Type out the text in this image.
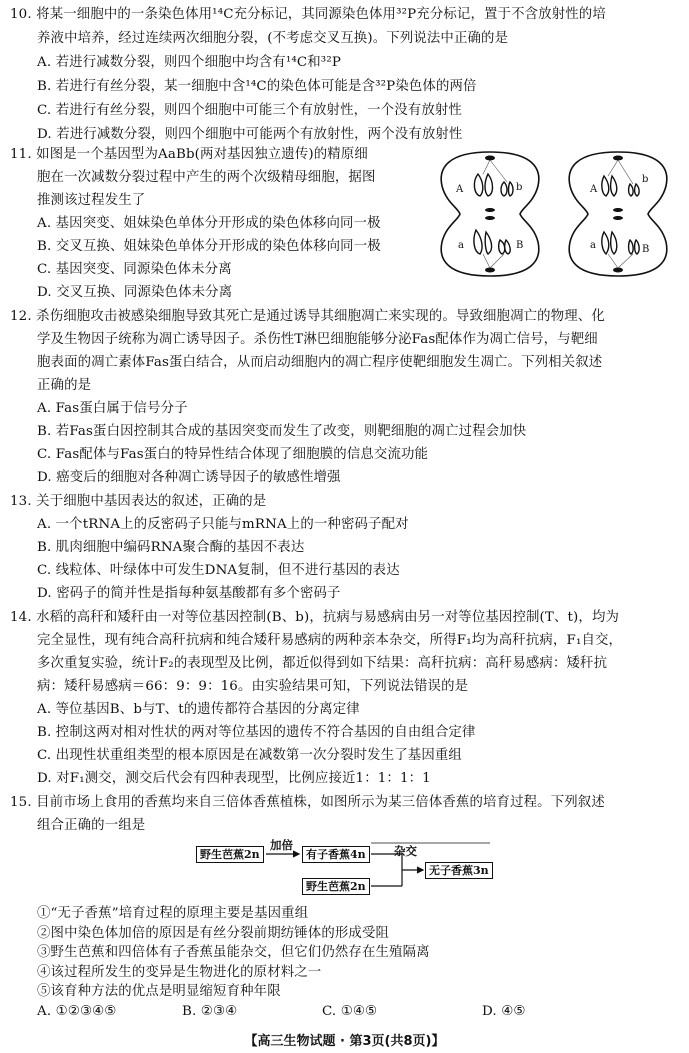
10. 将某一细胞中的一条染色体用¹⁴C充分标记，其同源染色体用³²P充分标记，置于不含放射性的培
养液中培养，经过连续两次细胞分裂，(不考虑交叉互换)。下列说法中正确的是
A. 若进行减数分裂，则四个细胞中均含有¹⁴C和³²P
B. 若进行有丝分裂，某一细胞中含¹⁴C的染色体可能是含³²P染色体的两倍
C. 若进行有丝分裂，则四个细胞中可能三个有放射性，一个没有放射性
D. 若进行减数分裂，则四个细胞中可能两个有放射性，两个没有放射性
11. 如图是一个基因型为AaBb(两对基因独立遗传)的精原细
胞在一次减数分裂过程中产生的两个次级精母细胞，据图
推测该过程发生了
A. 基因突变、姐妹染色单体分开形成的染色体移向同一极
B. 交叉互换、姐妹染色单体分开形成的染色体移向同一极
C. 基因突变、同源染色体未分离
D. 交叉互换、同源染色体未分离
A	b
a	B
A
b
a	B
12. 杀伤细胞攻击被感染细胞导致其死亡是通过诱导其细胞凋亡来实现的。导致细胞凋亡的物理、化
学及生物因子统称为凋亡诱导因子。杀伤性T淋巴细胞能够分泌Fas配体作为凋亡信号，与靶细
胞表面的凋亡素体Fas蛋白结合，从而启动细胞内的凋亡程序使靶细胞发生凋亡。下列相关叙述
正确的是
A. Fas蛋白属于信号分子
B. 若Fas蛋白因控制其合成的基因突变而发生了改变，则靶细胞的凋亡过程会加快
C. Fas配体与Fas蛋白的特异性结合体现了细胞膜的信息交流功能
D. 癌变后的细胞对各种凋亡诱导因子的敏感性增强
13. 关于细胞中基因表达的叙述，正确的是
A. 一个tRNA上的反密码子只能与mRNA上的一种密码子配对
B. 肌肉细胞中编码RNA聚合酶的基因不表达
C. 线粒体、叶绿体中可发生DNA复制，但不进行基因的表达
D. 密码子的简并性是指每种氨基酸都有多个密码子
14. 水稻的高秆和矮秆由一对等位基因控制(B、b)，抗病与易感病由另一对等位基因控制(T、t)，均为
完全显性，现有纯合高秆抗病和纯合矮秆易感病的两种亲本杂交，所得F₁均为高秆抗病，F₁自交，
多次重复实验，统计F₂的表现型及比例，都近似得到如下结果：高秆抗病：高秆易感病：矮秆抗
病：矮秆易感病＝66：9：9：16。由实验结果可知，下列说法错误的是
A. 等位基因B、b与T、t的遗传都符合基因的分离定律
B. 控制这两对相对性状的两对等位基因的遗传不符合基因的自由组合定律
C. 出现性状重组类型的根本原因是在减数第一次分裂时发生了基因重组
D. 对F₁测交，测交后代会有四种表现型，比例应接近1：1：1：1
15. 目前市场上食用的香蕉均来自三倍体香蕉植株，如图所示为某三倍体香蕉的培育过程。下列叙述
组合正确的一组是
野生芭蕉2n
加倍
有子香蕉4n
野生芭蕉2n
杂交
无子香蕉3n
①“无子香蕉”培育过程的原理主要是基因重组
②图中染色体加倍的原因是有丝分裂前期纺锤体的形成受阻
③野生芭蕉和四倍体有子香蕉虽能杂交，但它们仍然存在生殖隔离
④该过程所发生的变异是生物进化的原材料之一
⑤该育种方法的优点是明显缩短育种年限
【高三生物试题 · 第3页(共8页)】
A. ①②③④⑤	B. ②③④	C. ①④⑤	D. ④⑤
